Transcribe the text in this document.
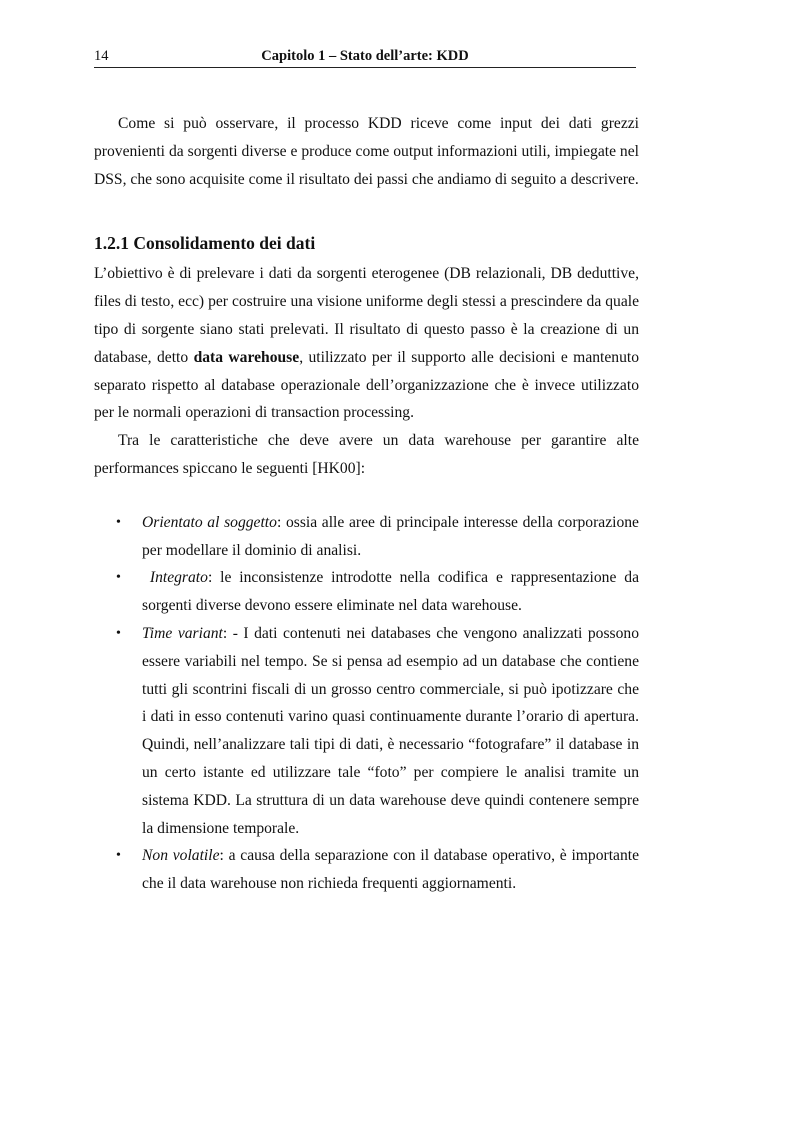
14	Capitolo 1 – Stato dell’arte: KDD

Come si può osservare, il processo KDD riceve come input dei dati grezzi provenienti da sorgenti diverse e produce come output informazioni utili, impiegate nel DSS, che sono acquisite come il risultato dei passi che andiamo di seguito a descrivere.

1.2.1 Consolidamento dei dati

L’obiettivo è di prelevare i dati da sorgenti eterogenee (DB relazionali, DB deduttive, files di testo, ecc) per costruire una visione uniforme degli stessi a prescindere da quale tipo di sorgente siano stati prelevati. Il risultato di questo passo è la creazione di un database, detto data warehouse, utilizzato per il supporto alle decisioni e mantenuto separato rispetto al database operazionale dell’organizzazione che è invece utilizzato per le normali operazioni di transaction processing.

Tra le caratteristiche che deve avere un data warehouse per garantire alte performances spiccano le seguenti [HK00]:

• Orientato al soggetto: ossia alle aree di principale interesse della corporazione per modellare il dominio di analisi.
• Integrato: le inconsistenze introdotte nella codifica e rappresentazione da sorgenti diverse devono essere eliminate nel data warehouse.
• Time variant: - I dati contenuti nei databases che vengono analizzati possono essere variabili nel tempo. Se si pensa ad esempio ad un database che contiene tutti gli scontrini fiscali di un grosso centro commerciale, si può ipotizzare che i dati in esso contenuti varino quasi continuamente durante l’orario di apertura. Quindi, nell’analizzare tali tipi di dati, è necessario “fotografare” il database in un certo istante ed utilizzare tale “foto” per compiere le analisi tramite un sistema KDD. La struttura di un data warehouse deve quindi contenere sempre la dimensione temporale.
• Non volatile: a causa della separazione con il database operativo, è importante che il data warehouse non richieda frequenti aggiornamenti.
